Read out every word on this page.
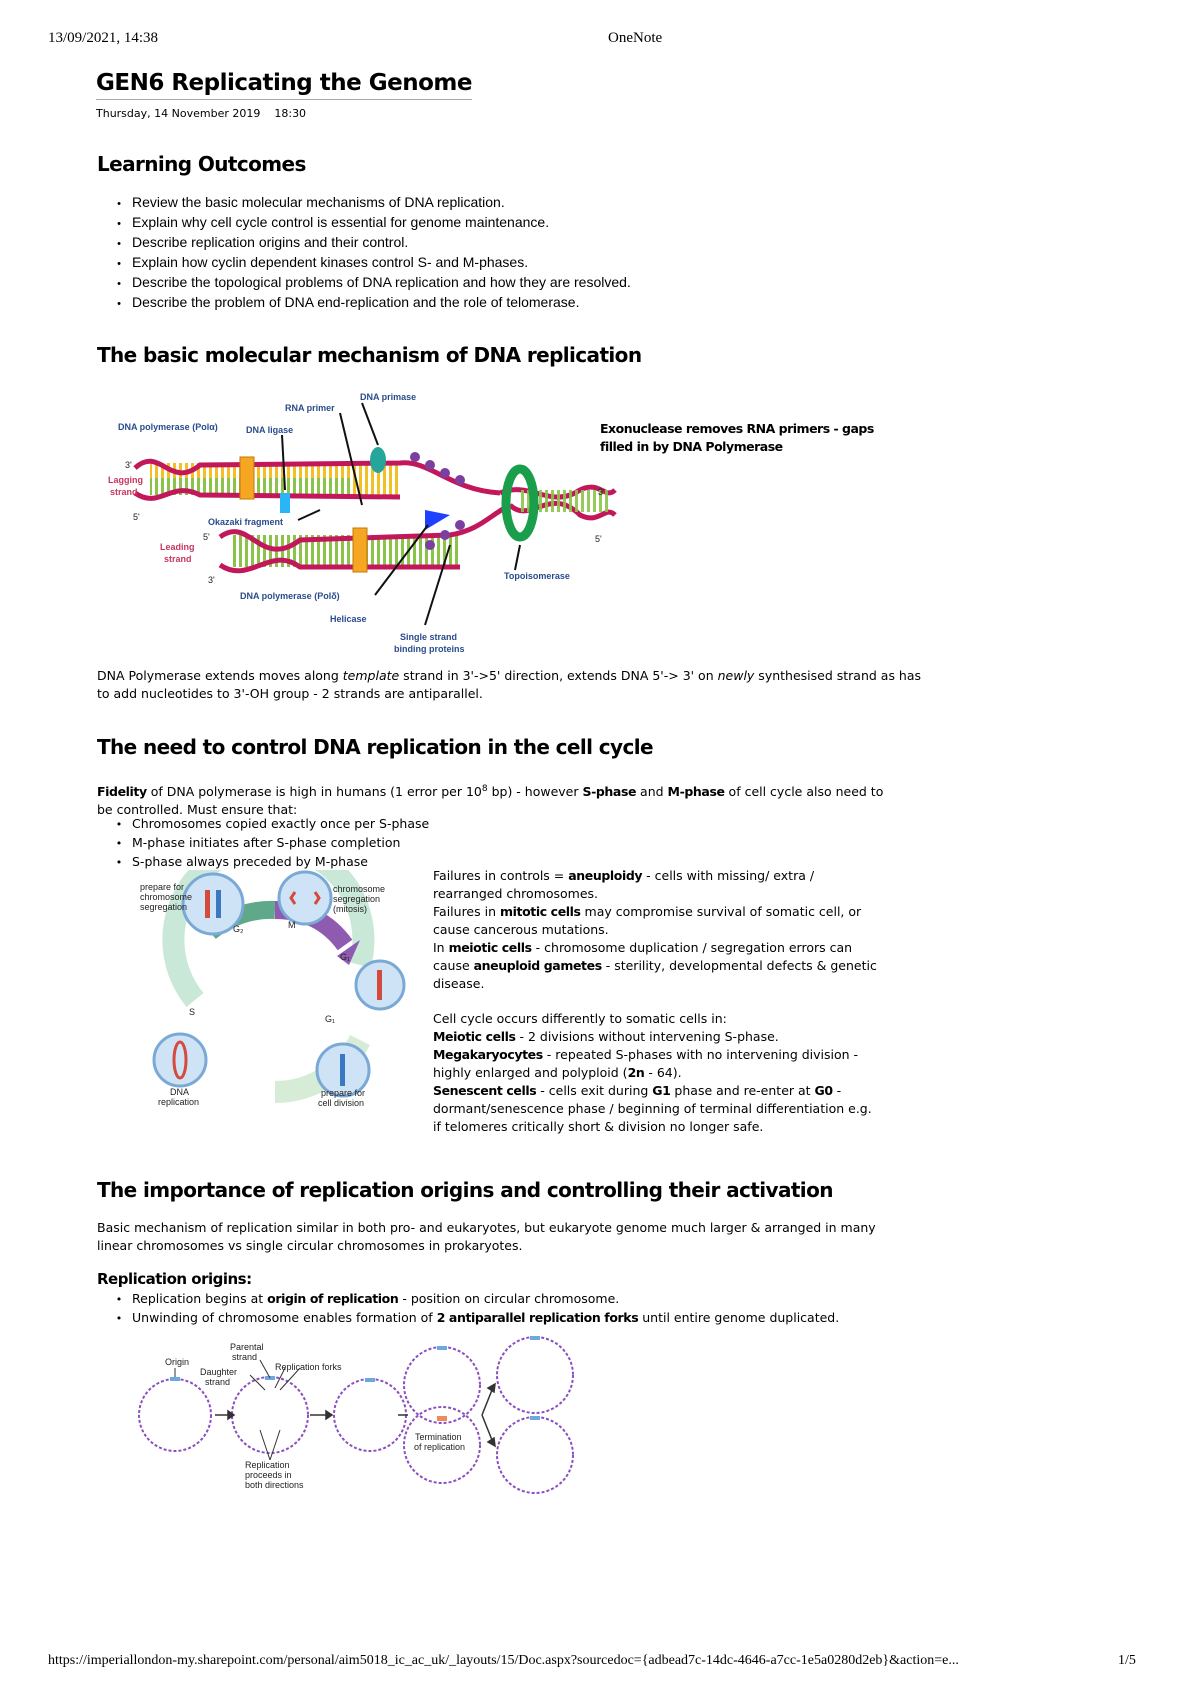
13/09/2021, 14:38	OneNote
GEN6 Replicating the Genome
Thursday, 14 November 2019 18:30
Learning Outcomes
• Review the basic molecular mechanisms of DNA replication.
• Explain why cell cycle control is essential for genome maintenance.
• Describe replication origins and their control.
• Explain how cyclin dependent kinases control S- and M-phases.
• Describe the topological problems of DNA replication and how they are resolved.
• Describe the problem of DNA end-replication and the role of telomerase.
The basic molecular mechanism of DNA replication
RNA primer
DNA primase
DNA polymerase (Polα)	DNA ligase
3'
Lagging
strand
5'	Okazaki fragment
5'
Leading
strand
3'
DNA polymerase (Polδ)
Helicase
Single strand
binding proteins
Topoisomerase
3'
5'
Exonuclease removes RNA primers - gaps filled in by DNA Polymerase
DNA Polymerase extends moves along template strand in 3'->5' direction, extends DNA 5'-> 3' on newly synthesised strand as has to add nucleotides to 3'-OH group - 2 strands are antiparallel.
The need to control DNA replication in the cell cycle
Fidelity of DNA polymerase is high in humans (1 error per $10^8$ bp) - however S-phase and M-phase of cell cycle also need to be controlled. Must ensure that:
• Chromosomes copied exactly once per S-phase
• M-phase initiates after S-phase completion
• S-phase always preceded by M-phase
prepare for
chromosome
segregation
chromosome
segregation
(mitosis)
G₂	M
G₁
S
G₁
DNA
replication
prepare for
cell division
Failures in controls = aneuploidy - cells with missing/ extra / rearranged chromosomes.
Failures in mitotic cells may compromise survival of somatic cell, or cause cancerous mutations.
In meiotic cells - chromosome duplication / segregation errors can cause aneuploid gametes - sterility, developmental defects & genetic disease.
Cell cycle occurs differently to somatic cells in:
Meiotic cells - 2 divisions without intervening S-phase.
Megakaryocytes - repeated S-phases with no intervening division - highly enlarged and polyploid (2n - 64).
Senescent cells - cells exit during G1 phase and re-enter at G0 - dormant/senescence phase / beginning of terminal differentiation e.g. if telomeres critically short & division no longer safe.
The importance of replication origins and controlling their activation
Basic mechanism of replication similar in both pro- and eukaryotes, but eukaryote genome much larger & arranged in many linear chromosomes vs single circular chromosomes in prokaryotes.
Replication origins:
• Replication begins at origin of replication - position on circular chromosome.
• Unwinding of chromosome enables formation of 2 antiparallel replication forks until entire genome duplicated.
Origin
Parental
strand
Daughter
strand
Replication forks
Replication
proceeds in
both directions
Termination
of replication
https://imperiallondon-my.sharepoint.com/personal/aim5018_ic_ac_uk/_layouts/15/Doc.aspx?sourcedoc={adbead7c-14dc-4646-a7cc-1e5a0280d2eb}&action=e...	1/5
